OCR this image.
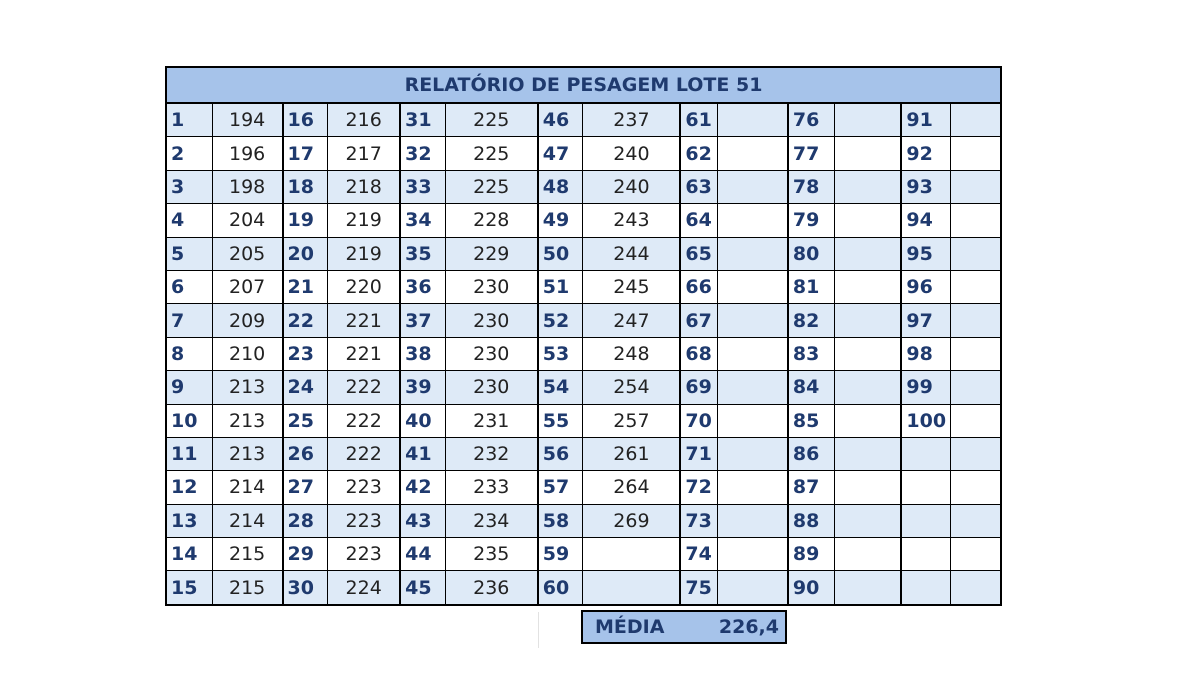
RELATÓRIO DE PESAGEM LOTE 51													
1	194	16	216	31	225	46	237	61		76		91	
2	196	17	217	32	225	47	240	62		77		92	
3	198	18	218	33	225	48	240	63		78		93	
4	204	19	219	34	228	49	243	64		79		94	
5	205	20	219	35	229	50	244	65		80		95	
6	207	21	220	36	230	51	245	66		81		96	
7	209	22	221	37	230	52	247	67		82		97	
8	210	23	221	38	230	53	248	68		83		98	
9	213	24	222	39	230	54	254	69		84		99	
10	213	25	222	40	231	55	257	70		85		100	
11	213	26	222	41	232	56	261	71		86			
12	214	27	223	42	233	57	264	72		87			
13	214	28	223	43	234	58	269	73		88			
14	215	29	223	44	235	59		74		89			
15	215	30	224	45	236	60		75		90			
MÉDIA	226,4
